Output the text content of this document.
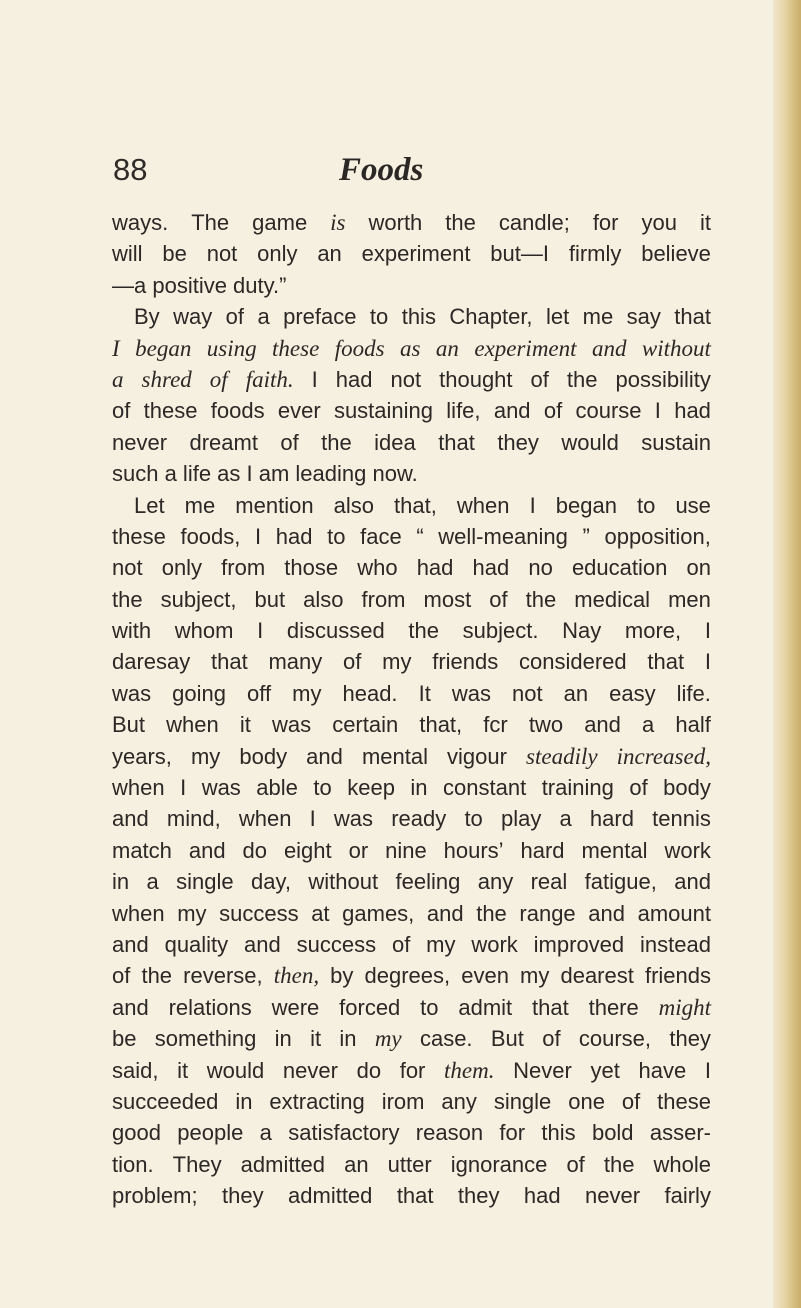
88	Foods
ways. The game is worth the candle; for you it
will be not only an experiment but—I firmly believe
—a positive duty.”
By way of a preface to this Chapter, let me say that
I began using these foods as an experiment and without
a shred of faith. I had not thought of the possibility
of these foods ever sustaining life, and of course I had
never dreamt of the idea that they would sustain
such a life as I am leading now.
Let me mention also that, when I began to use
these foods, I had to face “ well-meaning ” opposition,
not only from those who had had no education on
the subject, but also from most of the medical men
with whom I discussed the subject. Nay more, I
daresay that many of my friends considered that I
was going off my head. It was not an easy life.
But when it was certain that, fcr two and a half
years, my body and mental vigour steadily increased,
when I was able to keep in constant training of body
and mind, when I was ready to play a hard tennis
match and do eight or nine hours’ hard mental work
in a single day, without feeling any real fatigue, and
when my success at games, and the range and amount
and quality and success of my work improved instead
of the reverse, then, by degrees, even my dearest friends
and relations were forced to admit that there might
be something in it in my case. But of course, they
said, it would never do for them. Never yet have I
succeeded in extracting irom any single one of these
good people a satisfactory reason for this bold asser-
tion. They admitted an utter ignorance of the whole
problem; they admitted that they had never fairly
